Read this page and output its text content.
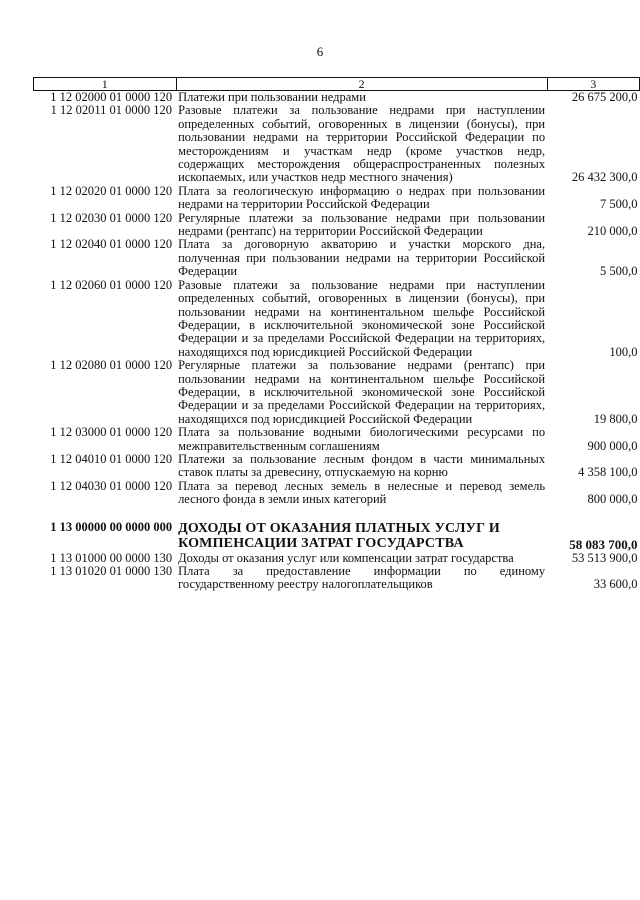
6
1	2	3
1 12 02000 01 0000 120	Платежи при пользовании недрами	26 675 200,0
1 12 02011 01 0000 120	Разовые платежи за пользование недрами при наступлении определенных событий, оговоренных в лицензии (бонусы), при пользовании недрами на территории Российской Федерации по месторождениям и участкам недр (кроме участков недр, содержащих месторождения общераспространенных полезных ископаемых, или участков недр местного значения)	26 432 300,0
1 12 02020 01 0000 120	Плата за геологическую информацию о недрах при пользовании недрами на территории Российской Федерации	7 500,0
1 12 02030 01 0000 120	Регулярные платежи за пользование недрами при пользовании недрами (рентапс) на территории Российской Федерации	210 000,0
1 12 02040 01 0000 120	Плата за договорную акваторию и участки морского дна, полученная при пользовании недрами на территории Российской Федерации	5 500,0
1 12 02060 01 0000 120	Разовые платежи за пользование недрами при наступлении определенных событий, оговоренных в лицензии (бонусы), при пользовании недрами на континентальном шельфе Российской Федерации, в исключительной экономической зоне Российской Федерации и за пределами Российской Федерации на территориях, находящихся под юрисдикцией Российской Федерации	100,0
1 12 02080 01 0000 120	Регулярные платежи за пользование недрами (рентапс) при пользовании недрами на континентальном шельфе Российской Федерации, в исключительной экономической зоне Российской Федерации и за пределами Российской Федерации на территориях, находящихся под юрисдикцией Российской Федерации	19 800,0
1 12 03000 01 0000 120	Плата за пользование водными биологическими ресурсами по межправительственным соглашениям	900 000,0
1 12 04010 01 0000 120	Платежи за пользование лесным фондом в части минимальных ставок платы за древесину, отпускаемую на корню	4 358 100,0
1 12 04030 01 0000 120	Плата за перевод лесных земель в нелесные и перевод земель лесного фонда в земли иных категорий	800 000,0

1 13 00000 00 0000 000	ДОХОДЫ ОТ ОКАЗАНИЯ ПЛАТНЫХ УСЛУГ И КОМПЕНСАЦИИ ЗАТРАТ ГОСУДАРСТВА	58 083 700,0
1 13 01000 00 0000 130	Доходы от оказания услуг или компенсации затрат государства	53 513 900,0
1 13 01020 01 0000 130	Плата за предоставление информации по единому государственному реестру налогоплательщиков	33 600,0
